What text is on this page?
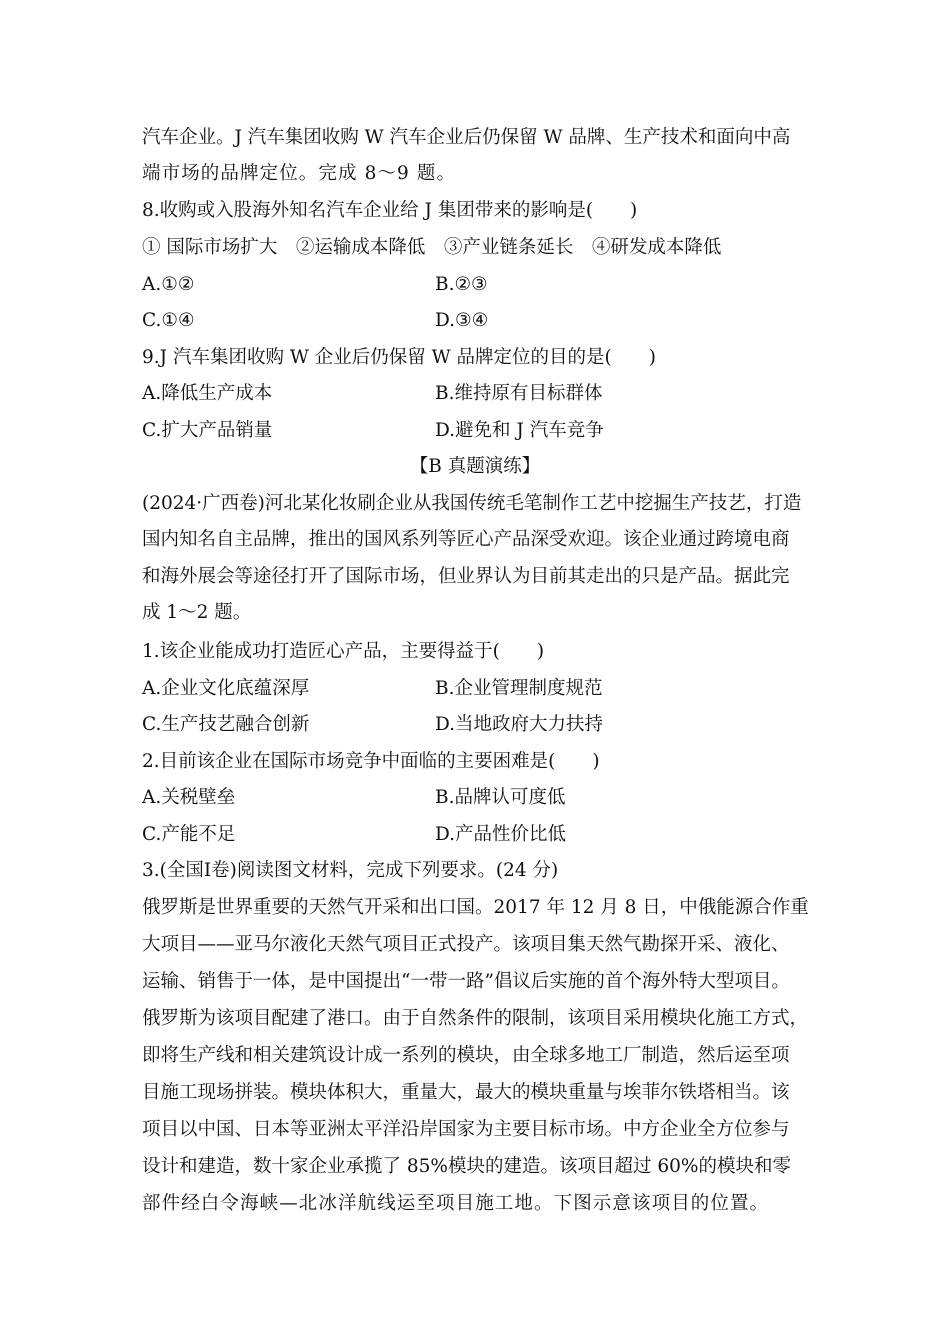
汽车企业。J 汽车集团收购 W 汽车企业后仍保留 W 品牌、生产技术和面向中高
端市场的品牌定位。完成 8～9 题。
8.收购或入股海外知名汽车企业给 J 集团带来的影响是(　　)
① 国际市场扩大　②运输成本降低　③产业链条延长　④研发成本降低
A.①②	B.②③
C.①④	D.③④
9.J 汽车集团收购 W 企业后仍保留 W 品牌定位的目的是(　　)
A.降低生产成本	B.维持原有目标群体
C.扩大产品销量	D.避免和 J 汽车竞争
【B 真题演练】
(2024·广西卷)河北某化妆刷企业从我国传统毛笔制作工艺中挖掘生产技艺，打造
国内知名自主品牌，推出的国风系列等匠心产品深受欢迎。该企业通过跨境电商
和海外展会等途径打开了国际市场，但业界认为目前其走出的只是产品。据此完
成 1～2 题。
1.该企业能成功打造匠心产品，主要得益于(　　)
A.企业文化底蕴深厚	B.企业管理制度规范
C.生产技艺融合创新	D.当地政府大力扶持
2.目前该企业在国际市场竞争中面临的主要困难是(　　)
A.关税壁垒	B.品牌认可度低
C.产能不足	D.产品性价比低
3.(全国Ⅰ卷)阅读图文材料，完成下列要求。(24 分)
俄罗斯是世界重要的天然气开采和出口国。2017 年 12 月 8 日，中俄能源合作重
大项目——亚马尔液化天然气项目正式投产。该项目集天然气勘探开采、液化、
运输、销售于一体，是中国提出“一带一路”倡议后实施的首个海外特大型项目。
俄罗斯为该项目配建了港口。由于自然条件的限制，该项目采用模块化施工方式，
即将生产线和相关建筑设计成一系列的模块，由全球多地工厂制造，然后运至项
目施工现场拼装。模块体积大，重量大，最大的模块重量与埃菲尔铁塔相当。该
项目以中国、日本等亚洲太平洋沿岸国家为主要目标市场。中方企业全方位参与
设计和建造，数十家企业承揽了 85%模块的建造。该项目超过 60%的模块和零
部件经白令海峡—北冰洋航线运至项目施工地。下图示意该项目的位置。
